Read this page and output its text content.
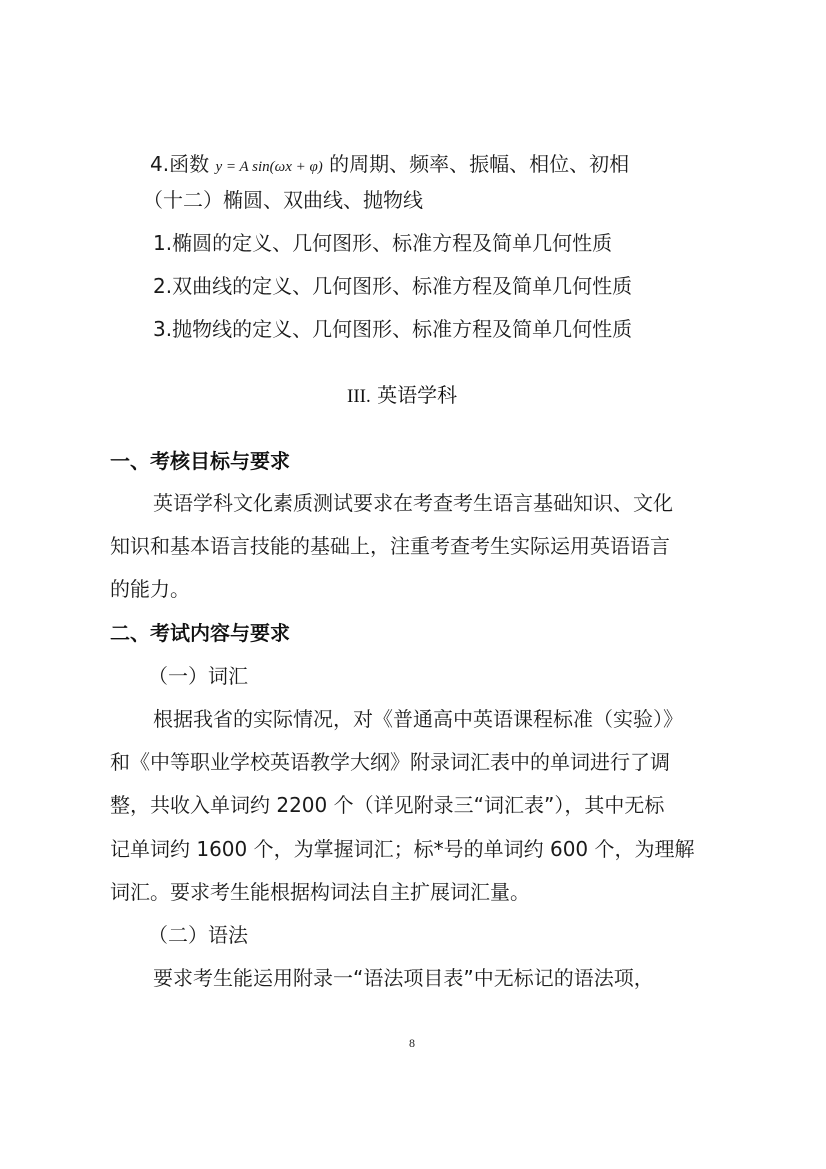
4.函数 y = A sin(ωx + φ) 的周期、频率、振幅、相位、初相
（十二）椭圆、双曲线、抛物线
1.椭圆的定义、几何图形、标准方程及简单几何性质
2.双曲线的定义、几何图形、标准方程及简单几何性质
3.抛物线的定义、几何图形、标准方程及简单几何性质
III. 英语学科
一、考核目标与要求
英语学科文化素质测试要求在考查考生语言基础知识、文化
知识和基本语言技能的基础上，注重考查考生实际运用英语语言
的能力。
二、考试内容与要求
（一）词汇
根据我省的实际情况，对《普通高中英语课程标准（实验）》
和《中等职业学校英语教学大纲》附录词汇表中的单词进行了调
整，共收入单词约 2200 个（详见附录三“词汇表”），其中无标
记单词约 1600 个，为掌握词汇；标*号的单词约 600 个，为理解
词汇。要求考生能根据构词法自主扩展词汇量。
（二）语法
要求考生能运用附录一“语法项目表”中无标记的语法项，
8
